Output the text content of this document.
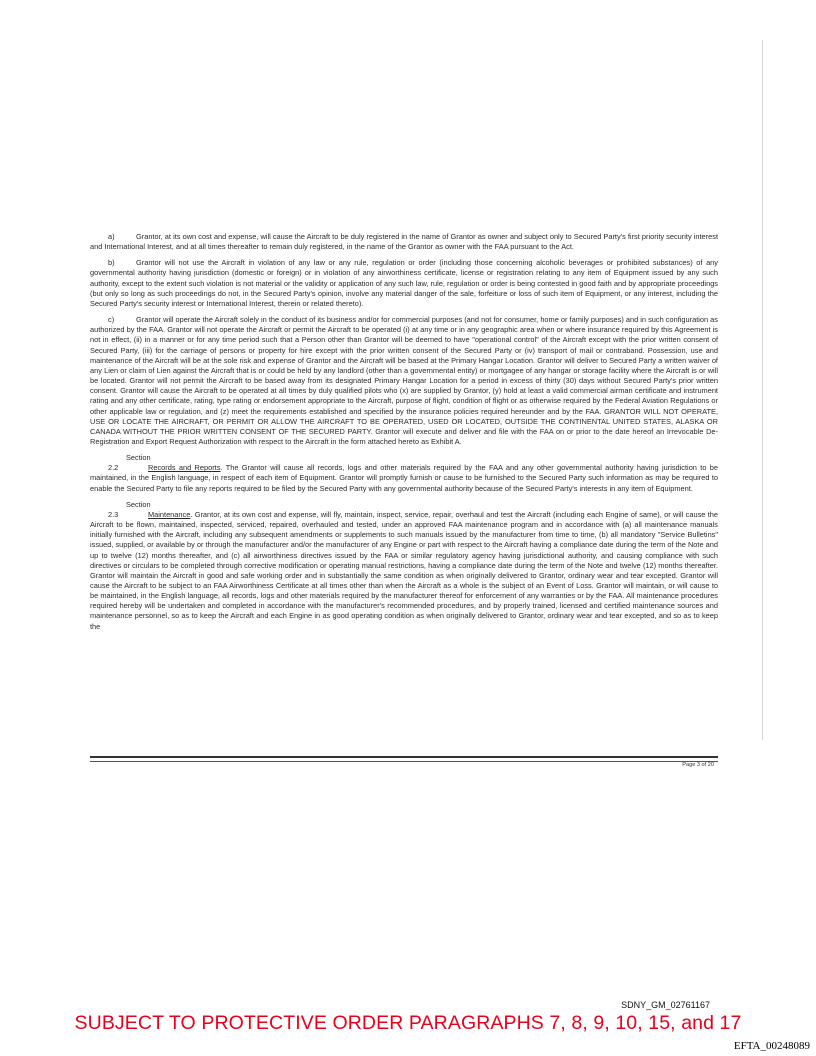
a)	Grantor, at its own cost and expense, will cause the Aircraft to be duly registered in the name of Grantor as owner and subject only to Secured Party's first priority security interest and International Interest, and at all times thereafter to remain duly registered, in the name of the Grantor as owner with the FAA pursuant to the Act.

b)	Grantor will not use the Aircraft in violation of any law or any rule, regulation or order (including those concerning alcoholic beverages or prohibited substances) of any governmental authority having jurisdiction (domestic or foreign) or in violation of any airworthiness certificate, license or registration relating to any item of Equipment issued by any such authority, except to the extent such violation is not material or the validity or application of any such law, rule, regulation or order is being contested in good faith and by appropriate proceedings (but only so long as such proceedings do not, in the Secured Party's opinion, involve any material danger of the sale, forfeiture or loss of such item of Equipment, or any interest, including the Secured Party's security interest or International Interest, therein or related thereto).

c)	Grantor will operate the Aircraft solely in the conduct of its business and/or for commercial purposes (and not for consumer, home or family purposes) and in such configuration as authorized by the FAA. Grantor will not operate the Aircraft or permit the Aircraft to be operated (i) at any time or in any geographic area when or where insurance required by this Agreement is not in effect, (ii) in a manner or for any time period such that a Person other than Grantor will be deemed to have "operational control" of the Aircraft except with the prior written consent of Secured Party, (iii) for the carriage of persons or property for hire except with the prior written consent of the Secured Party or (iv) transport of mail or contraband. Possession, use and maintenance of the Aircraft will be at the sole risk and expense of Grantor and the Aircraft will be based at the Primary Hangar Location. Grantor will deliver to Secured Party a written waiver of any Lien or claim of Lien against the Aircraft that is or could be held by any landlord (other than a governmental entity) or mortgagee of any hangar or storage facility where the Aircraft is or will be located. Grantor will not permit the Aircraft to be based away from its designated Primary Hangar Location for a period in excess of thirty (30) days without Secured Party's prior written consent. Grantor will cause the Aircraft to be operated at all times by duly qualified pilots who (x) are supplied by Grantor, (y) hold at least a valid commercial airman certificate and instrument rating and any other certificate, rating, type rating or endorsement appropriate to the Aircraft, purpose of flight, condition of flight or as otherwise required by the Federal Aviation Regulations or other applicable law or regulation, and (z) meet the requirements established and specified by the insurance policies required hereunder and by the FAA. GRANTOR WILL NOT OPERATE, USE OR LOCATE THE AIRCRAFT, OR PERMIT OR ALLOW THE AIRCRAFT TO BE OPERATED, USED OR LOCATED, OUTSIDE THE CONTINENTAL UNITED STATES, ALASKA OR CANADA WITHOUT THE PRIOR WRITTEN CONSENT OF THE SECURED PARTY. Grantor will execute and deliver and file with the FAA on or prior to the date hereof an Irrevocable De-Registration and Export Request Authorization with respect to the Aircraft in the form attached hereto as Exhibit A.

Section 2.2	Records and Reports. The Grantor will cause all records, logs and other materials required by the FAA and any other governmental authority having jurisdiction to be maintained, in the English language, in respect of each item of Equipment. Grantor will promptly furnish or cause to be furnished to the Secured Party such information as may be required to enable the Secured Party to file any reports required to be filed by the Secured Party with any governmental authority because of the Secured Party's interests in any item of Equipment.

Section 2.3	Maintenance. Grantor, at its own cost and expense, will fly, maintain, inspect, service, repair, overhaul and test the Aircraft (including each Engine of same), or will cause the Aircraft to be flown, maintained, inspected, serviced, repaired, overhauled and tested, under an approved FAA maintenance program and in accordance with (a) all maintenance manuals initially furnished with the Aircraft, including any subsequent amendments or supplements to such manuals issued by the manufacturer from time to time, (b) all mandatory "Service Bulletins" issued, supplied, or available by or through the manufacturer and/or the manufacturer of any Engine or part with respect to the Aircraft having a compliance date during the term of the Note and up to twelve (12) months thereafter, and (c) all airworthiness directives issued by the FAA or similar regulatory agency having jurisdictional authority, and causing compliance with such directives or circulars to be completed through corrective modification or operating manual restrictions, having a compliance date during the term of the Note and twelve (12) months thereafter. Grantor will maintain the Aircraft in good and safe working order and in substantially the same condition as when originally delivered to Grantor, ordinary wear and tear excepted. Grantor will cause the Aircraft to be subject to an FAA Airworthiness Certificate at all times other than when the Aircraft as a whole is the subject of an Event of Loss. Grantor will maintain, or will cause to be maintained, in the English language, all records, logs and other materials required by the manufacturer thereof for enforcement of any warranties or by the FAA. All maintenance procedures required hereby will be undertaken and completed in accordance with the manufacturer's recommended procedures, and by properly trained, licensed and certified maintenance sources and maintenance personnel, so as to keep the Aircraft and each Engine in as good operating condition as when originally delivered to Grantor, ordinary wear and tear excepted, and so as to keep the

Page 3 of 20
SDNY_GM_02761167
SUBJECT TO PROTECTIVE ORDER PARAGRAPHS 7, 8, 9, 10, 15, and 17
EFTA_00248089
